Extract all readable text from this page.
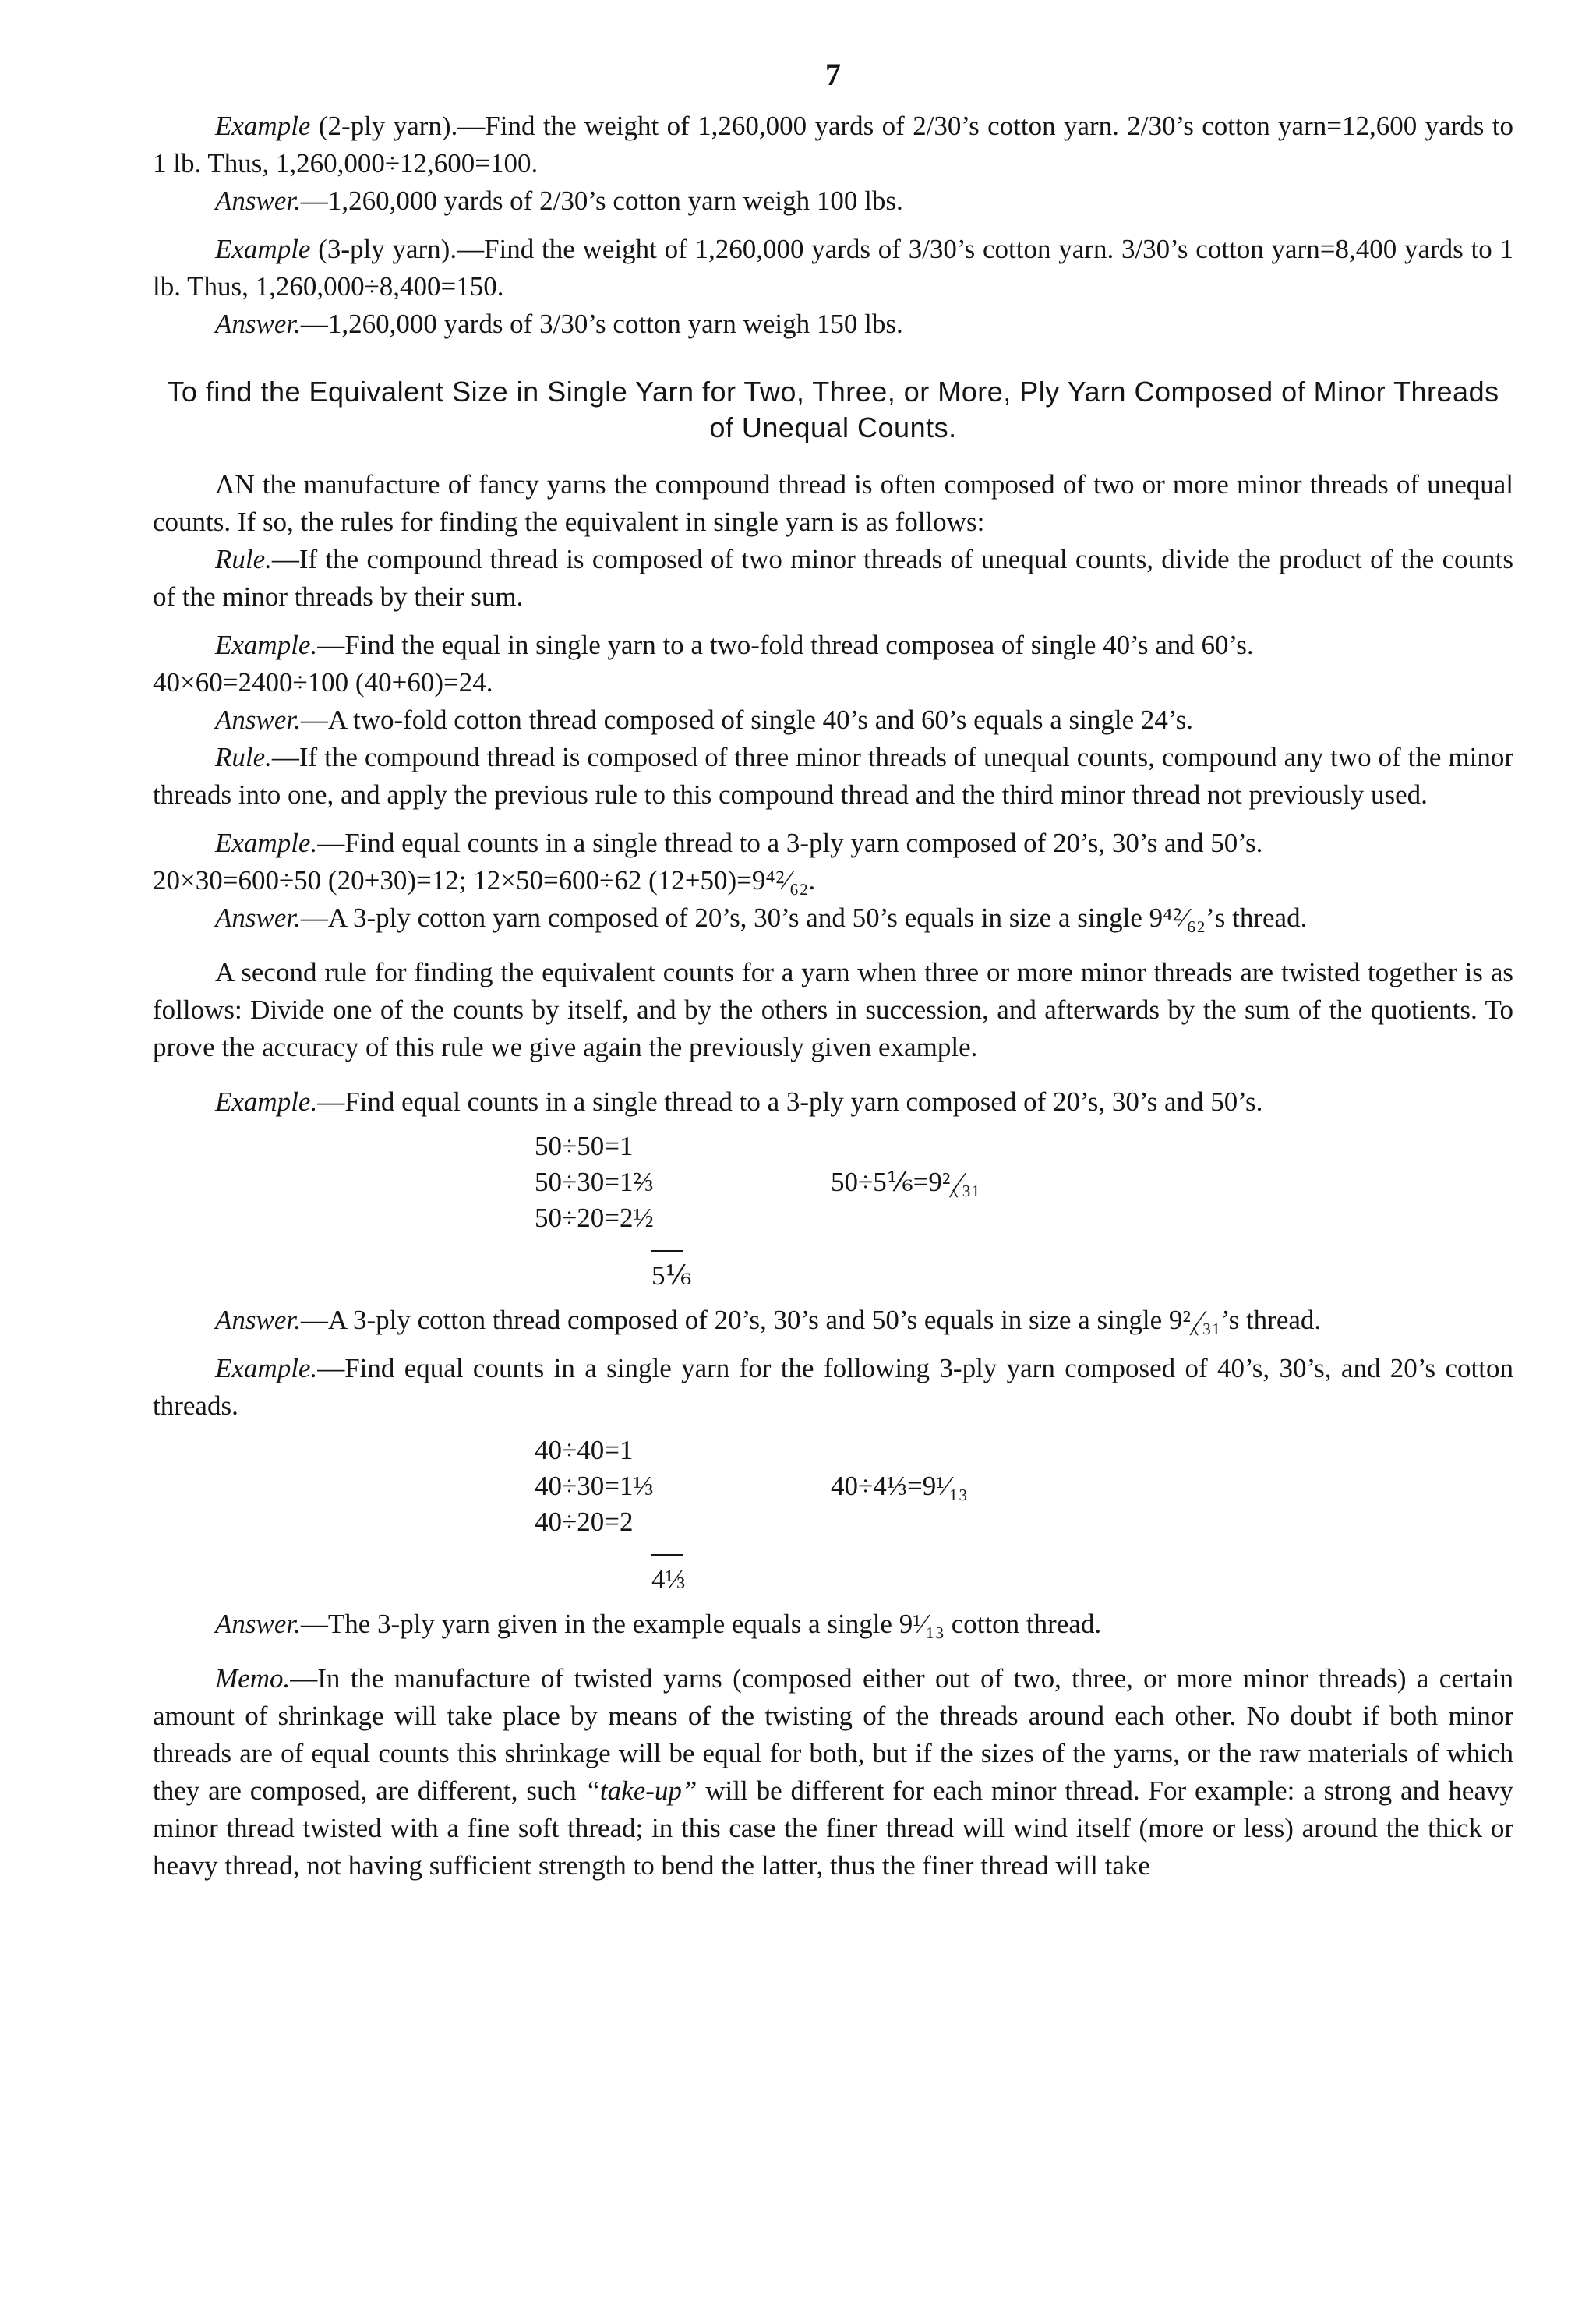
7

Example (2-ply yarn).—Find the weight of 1,260,000 yards of 2/30’s cotton yarn. 2/30’s cotton yarn=12,600 yards to 1 lb. Thus, 1,260,000÷12,600=100.

Answer.—1,260,000 yards of 2/30’s cotton yarn weigh 100 lbs.

Example (3-ply yarn).—Find the weight of 1,260,000 yards of 3/30’s cotton yarn. 3/30’s cotton yarn=8,400 yards to 1 lb. Thus, 1,260,000÷8,400=150.

Answer.—1,260,000 yards of 3/30’s cotton yarn weigh 150 lbs.

To find the Equivalent Size in Single Yarn for Two, Three, or More, Ply Yarn Composed of Minor Threads of Unequal Counts.

ɅN the manufacture of fancy yarns the compound thread is often composed of two or more minor threads of unequal counts. If so, the rules for finding the equivalent in single yarn is as follows:

Rule.—If the compound thread is composed of two minor threads of unequal counts, divide the product of the counts of the minor threads by their sum.

Example.—Find the equal in single yarn to a two-fold thread composea of single 40’s and 60’s.

40×60=2400÷100 (40+60)=24.

Answer.—A two-fold cotton thread composed of single 40’s and 60’s equals a single 24’s.

Rule.—If the compound thread is composed of three minor threads of unequal counts, compound any two of the minor threads into one, and apply the previous rule to this compound thread and the third minor thread not previously used.

Example.—Find equal counts in a single thread to a 3-ply yarn composed of 20’s, 30’s and 50’s.

20×30=600÷50 (20+30)=12; 12×50=600÷62 (12+50)=9⁴⁲⁄₆₂.

Answer.—A 3-ply cotton yarn composed of 20’s, 30’s and 50’s equals in size a single 9⁴⁲⁄₆₂’s thread.

A second rule for finding the equivalent counts for a yarn when three or more minor threads are twisted together is as follows: Divide one of the counts by itself, and by the others in succession, and afterwards by the sum of the quotients. To prove the accuracy of this rule we give again the previously given example.

Example.—Find equal counts in a single thread to a 3-ply yarn composed of 20’s, 30’s and 50’s.

50÷50=1
50÷30=1⅔
50÷20=2½
5⅙
50÷5⅙=9²⁁⁄₃₁

Answer.—A 3-ply cotton thread composed of 20’s, 30’s and 50’s equals in size a single 9²⁁⁄₃₁’s thread.

Example.—Find equal counts in a single yarn for the following 3-ply yarn composed of 40’s, 30’s, and 20’s cotton threads.

40÷40=1
40÷30=1⅓
40÷20=2
4⅓
40÷4⅓=9¹⁄₁₃

Answer.—The 3-ply yarn given in the example equals a single 9¹⁄₁₃ cotton thread.

Memo.—In the manufacture of twisted yarns (composed either out of two, three, or more minor threads) a certain amount of shrinkage will take place by means of the twisting of the threads around each other. No doubt if both minor threads are of equal counts this shrinkage will be equal for both, but if the sizes of the yarns, or the raw materials of which they are composed, are different, such “take-up” will be different for each minor thread. For example: a strong and heavy minor thread twisted with a fine soft thread; in this case the finer thread will wind itself (more or less) around the thick or heavy thread, not having sufficient strength to bend the latter, thus the finer thread will take
